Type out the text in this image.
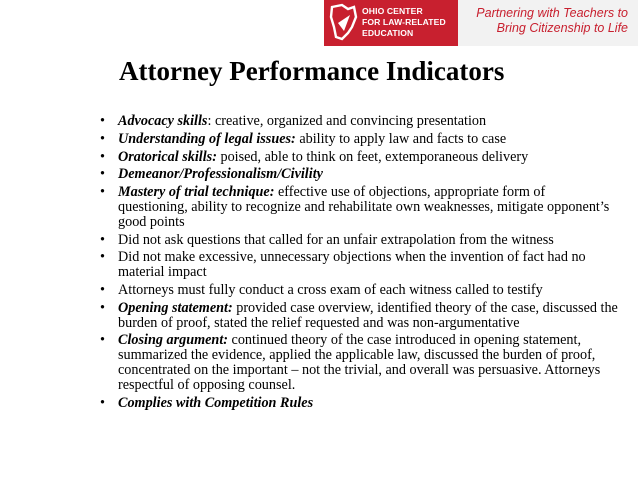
OHIO CENTER
FOR LAW-RELATED
EDUCATION
Partnering with Teachers to
Bring Citizenship to Life
Attorney Performance Indicators
• Advocacy skills: creative, organized and convincing presentation
• Understanding of legal issues: ability to apply law and facts to case
• Oratorical skills: poised, able to think on feet, extemporaneous delivery
• Demeanor/Professionalism/Civility
• Mastery of trial technique: effective use of objections, appropriate form of questioning, ability to recognize and rehabilitate own weaknesses, mitigate opponent’s good points
• Did not ask questions that called for an unfair extrapolation from the witness
• Did not make excessive, unnecessary objections when the invention of fact had no material impact
• Attorneys must fully conduct a cross exam of each witness called to testify
• Opening statement: provided case overview, identified theory of the case, discussed the burden of proof, stated the relief requested and was non-argumentative
• Closing argument: continued theory of the case introduced in opening statement, summarized the evidence, applied the applicable law, discussed the burden of proof, concentrated on the important – not the trivial, and overall was persuasive. Attorneys respectful of opposing counsel.
• Complies with Competition Rules
